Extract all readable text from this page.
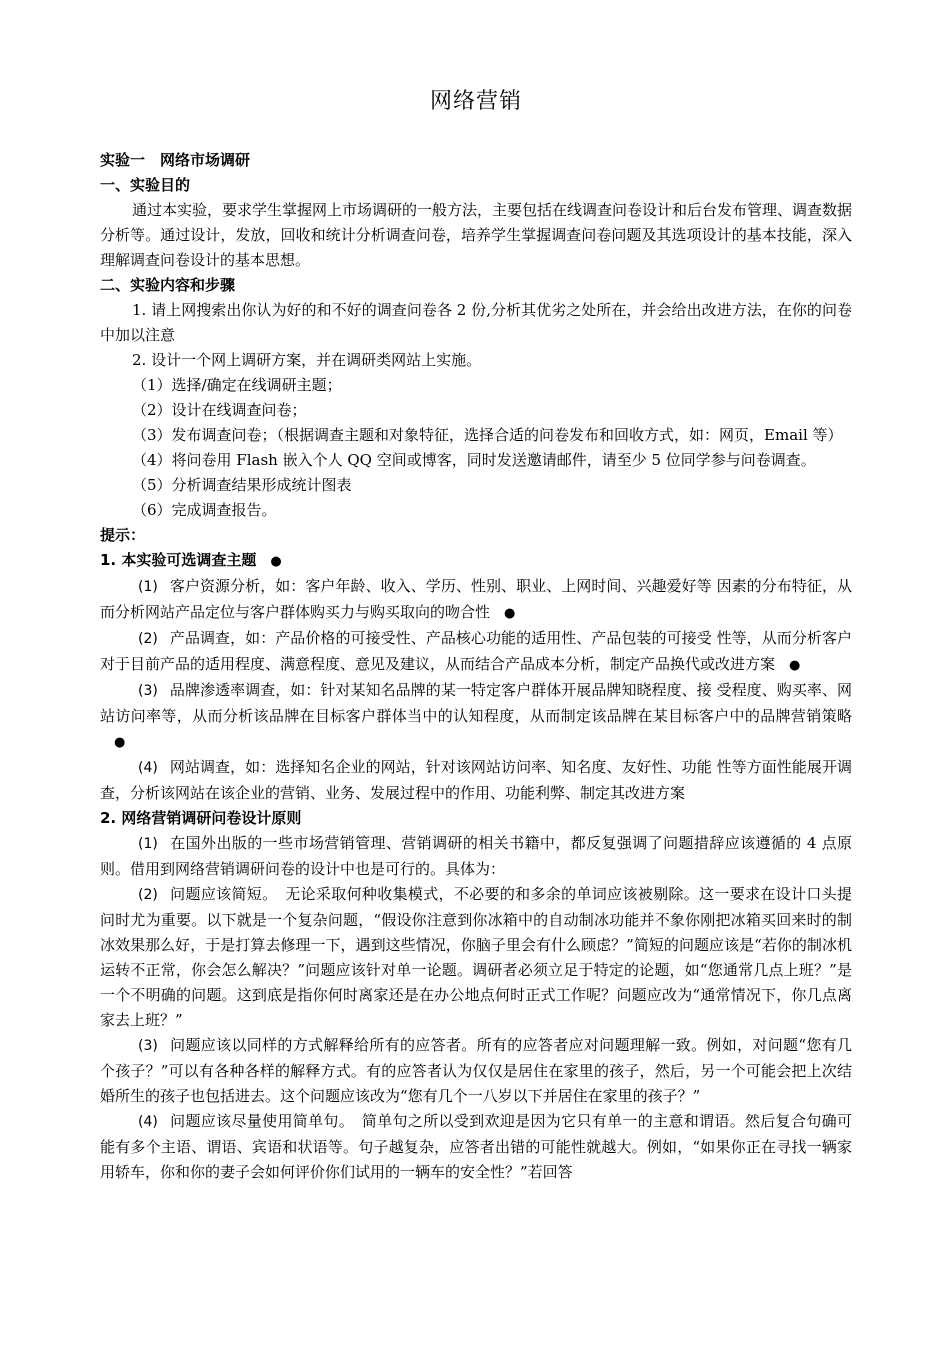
网络营销
实验一　网络市场调研
一、实验目的

通过本实验，要求学生掌握网上市场调研的一般方法，主要包括在线调查问卷设计和后台发布管理、调查数据分析等。通过设计，发放，回收和统计分析调查问卷，培养学生掌握调查问卷问题及其选项设计的基本技能，深入理解调查问卷设计的基本思想。

二、实验内容和步骤

1. 请上网搜索出你认为好的和不好的调查问卷各 2 份,分析其优劣之处所在，并会给出改进方法，在你的问卷中加以注意

2. 设计一个网上调研方案，并在调研类网站上实施。

（1）选择/确定在线调研主题；

（2）设计在线调查问卷；

（3）发布调查问卷；（根据调查主题和对象特征，选择合适的问卷发布和回收方式，如：网页，Email 等）

（4）将问卷用 Flash 嵌入个人 QQ 空间或博客，同时发送邀请邮件，请至少 5 位同学参与问卷调查。

（5）分析调查结果形成统计图表

（6）完成调查报告。

提示：
1. 本实验可选调查主题 ●

(1) 客户资源分析，如：客户年龄、收入、学历、性别、职业、上网时间、兴趣爱好等 因素的分布特征，从而分析网站产品定位与客户群体购买力与购买取向的吻合性 ●

(2) 产品调查，如：产品价格的可接受性、产品核心功能的适用性、产品包装的可接受 性等，从而分析客户对于目前产品的适用程度、满意程度、意见及建议，从而结合产品成本分析，制定产品换代或改进方案 ●

(3) 品牌渗透率调查，如：针对某知名品牌的某一特定客户群体开展品牌知晓程度、接 受程度、购买率、网站访问率等，从而分析该品牌在目标客户群体当中的认知程度，从而制定该品牌在某目标客户中的品牌营销策略●

(4) 网站调查，如：选择知名企业的网站，针对该网站访问率、知名度、友好性、功能 性等方面性能展开调查，分析该网站在该企业的营销、业务、发展过程中的作用、功能利弊、制定其改进方案

2. 网络营销调研问卷设计原则

(1) 在国外出版的一些市场营销管理、营销调研的相关书籍中，都反复强调了问题措辞应该遵循的 4 点原则。借用到网络营销调研问卷的设计中也是可行的。具体为：

(2) 问题应该简短。　无论采取何种收集模式，不必要的和多余的单词应该被剔除。这一要求在设计口头提问时尤为重要。以下就是一个复杂问题，“假设你注意到你冰箱中的自动制冰功能并不象你刚把冰箱买回来时的制冰效果那么好，于是打算去修理一下，遇到这些情况，你脑子里会有什么顾虑？”简短的问题应该是“若你的制冰机运转不正常，你会怎么解决？”问题应该针对单一论题。调研者必须立足于特定的论题，如“您通常几点上班？”是一个不明确的问题。这到底是指你何时离家还是在办公地点何时正式工作呢？问题应改为“通常情况下，你几点离家去上班？”

(3) 问题应该以同样的方式解释给所有的应答者。所有的应答者应对问题理解一致。例如，对问题“您有几个孩子？”可以有各种各样的解释方式。有的应答者认为仅仅是居住在家里的孩子，然后，另一个可能会把上次结婚所生的孩子也包括进去。这个问题应该改为“您有几个一八岁以下并居住在家里的孩子？”

(4) 问题应该尽量使用简单句。　简单句之所以受到欢迎是因为它只有单一的主意和谓语。然后复合句确可能有多个主语、谓语、宾语和状语等。句子越复杂，应答者出错的可能性就越大。例如，“如果你正在寻找一辆家用轿车，你和你的妻子会如何评价你们试用的一辆车的安全性？”若回答
